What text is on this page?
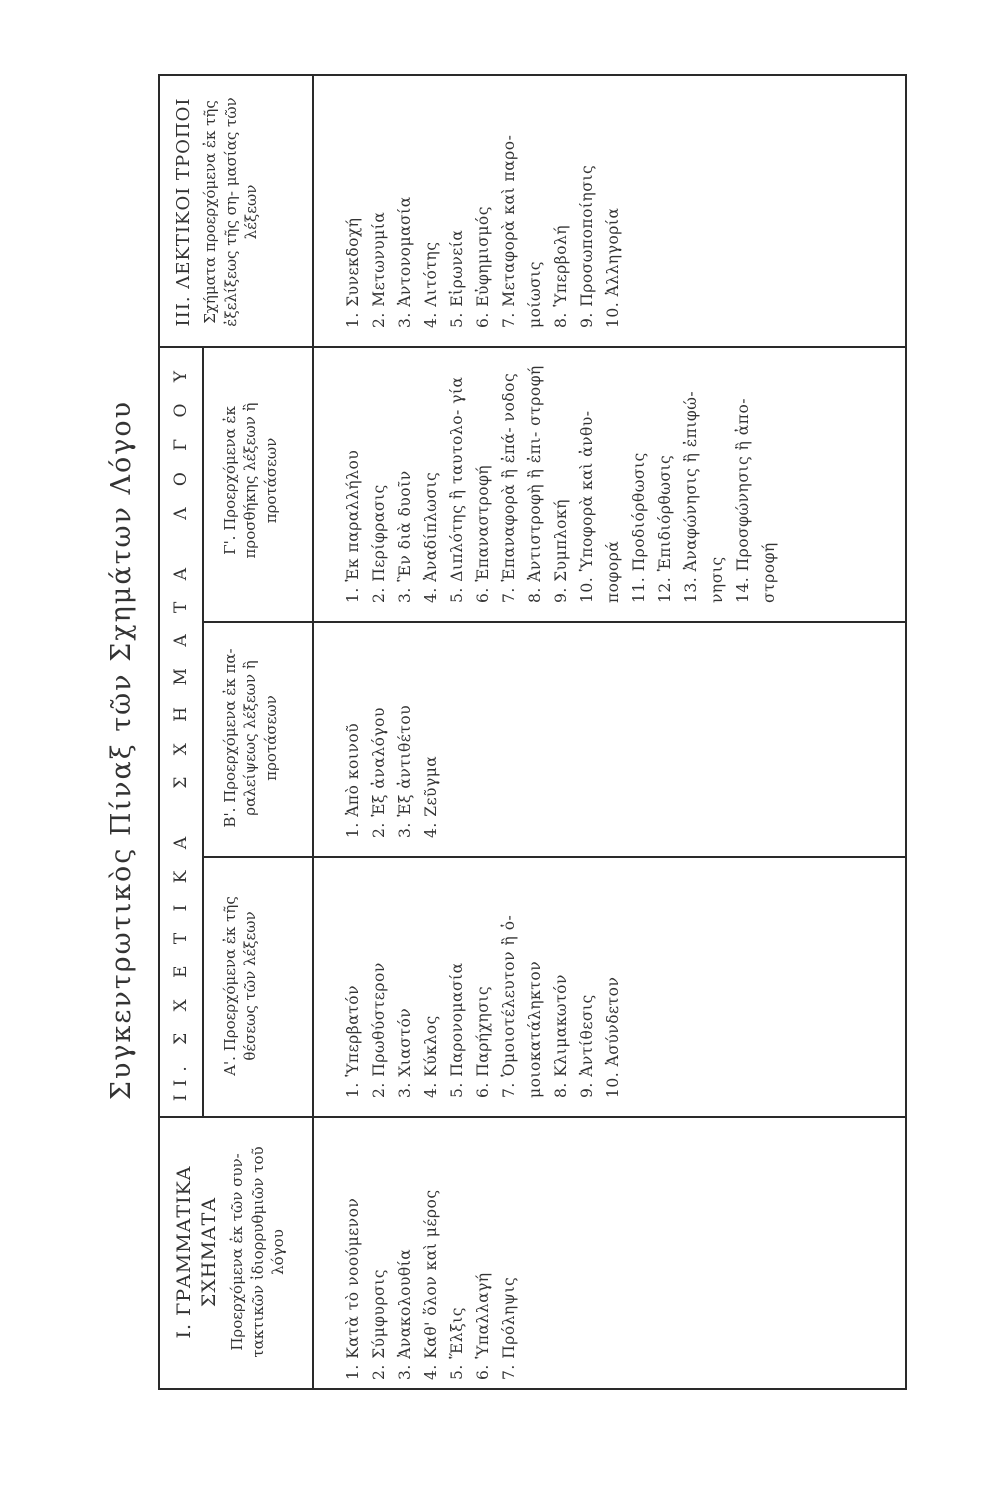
Συγκεντρωτικὸς Πίναξ τῶν Σχημάτων Λόγου
I. ΓΡΑΜΜΑΤΙΚΑ ΣΧΗΜΑΤΑ Προερχόμενα ἐκ τῶν συν- τακτικῶν ἰδιορρυθμιῶν τοῦ λόγου
II. Σ Χ Ε Τ Ι Κ Α   Σ Χ Η Μ Α Τ Α   Λ Ο Γ Ο Υ Α'. Προερχόμενα ἐκ τῆς θέσεως τῶν λέξεων
Β'. Προερχόμενα ἐκ πα- ραλείψεως λέξεων ἢ προτάσεων
Γ'. Προερχόμενα ἐκ προσθήκης λέξεων ἢ προτάσεων
III. ΛΕΚΤΙΚΟΙ ΤΡΟΠΟΙ Σχήματα προερχόμενα ἐκ τῆς ἐξελίξεως τῆς ση- μασίας τῶν λέξεων
1. Κατὰ τὸ νοούμενον 2. Σύμφυρσις 3. Ἀνακολουθία 4. Καθ' ὅλον καὶ μέρος 5. Ἕλξις 6. Ὑπαλλαγή 7. Πρόληψις
1. Ὑπερβατόν 2. Πρωθύστερον 3. Χιαστόν 4. Κύκλος 5. Παρονομασία 6. Παρήχησις 7. Ὁμοιοτέλευτον ἢ ὁ- μοιοκατάληκτον 8. Κλιμακωτόν 9. Ἀντίθεσις 10. Ἀσύνδετον
1. Ἀπὸ κοινοῦ 2. Ἐξ ἀναλόγου 3. Ἐξ ἀντιθέτου 4. Ζεῦγμα
1. Ἐκ παραλλήλου 2. Περίφρασις 3. Ἓν διὰ δυοῖν 4. Ἀναδίπλωσις 5. Διπλότης ἢ ταυτολο- γία 6. Ἐπαναστροφή 7. Ἐπαναφορὰ ἢ ἐπά- νοδος 8. Ἀντιστροφὴ ἢ ἐπι- στροφή 9. Συμπλοκή 10. Ὑποφορὰ καὶ ἀνθυ- ποφορά 11. Προδιόρθωσις 12. Ἐπιδιόρθωσις 13. Ἀναφώνησις ἢ ἐπιφώ- νησις 14. Προσφώνησις ἢ ἀπο- στροφή
1. Συνεκδοχή 2. Μετωνυμία 3. Ἀντονομασία 4. Λιτότης 5. Εἰρωνεία 6. Εὐφημισμός 7. Μεταφορὰ καὶ παρο- μοίωσις 8. Ὑπερβολή 9. Προσωποποίησις 10. Ἀλληγορία
